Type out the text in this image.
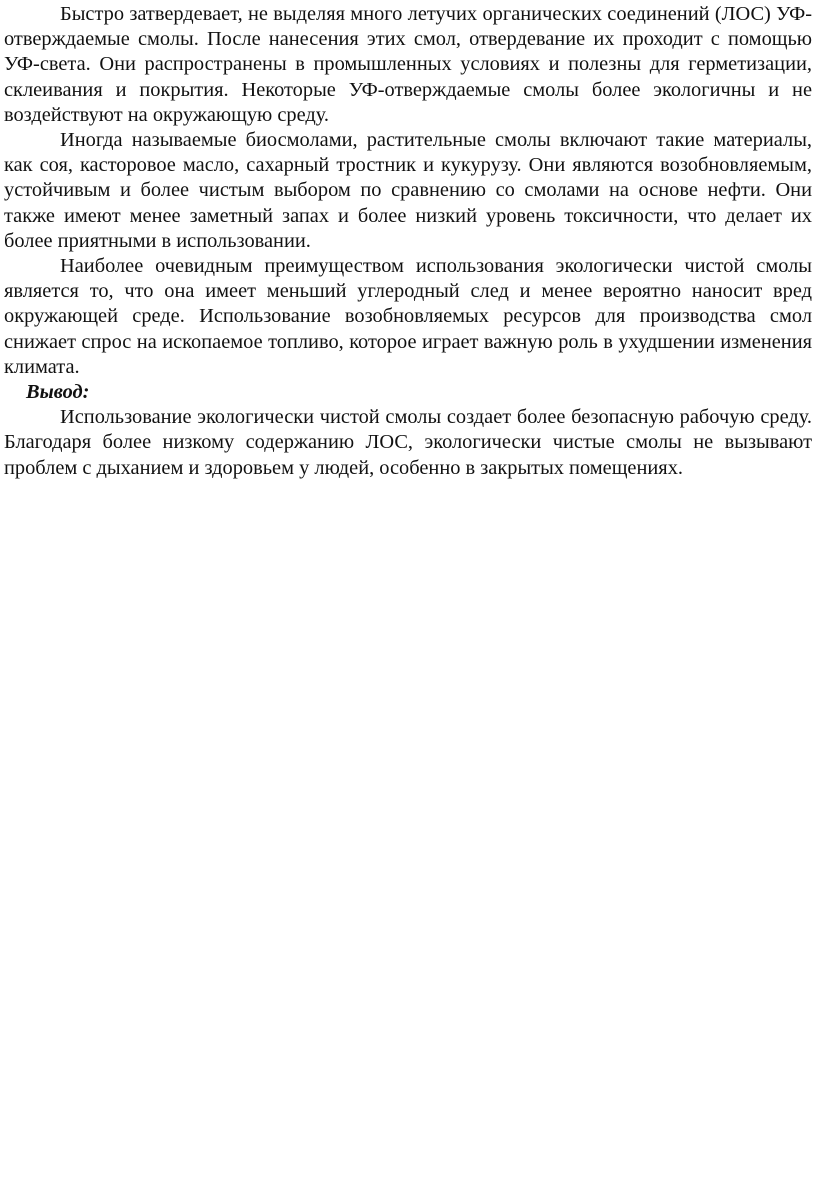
Быстро затвердевает, не выделяя много летучих органических соединений (ЛОС) УФ-отверждаемые смолы. После нанесения этих смол, отвердевание их проходит с помощью УФ-света. Они распространены в промышленных условиях и полезны для герметизации, склеивания и покрытия. Некоторые УФ-отверждаемые смолы более экологичны и не воздействуют на окружающую среду.

Иногда называемые биосмолами, растительные смолы включают такие материалы, как соя, касторовое масло, сахарный тростник и кукурузу. Они являются возобновляемым, устойчивым и более чистым выбором по сравнению со смолами на основе нефти. Они также имеют менее заметный запах и более низкий уровень токсичности, что делает их более приятными в использовании.

Наиболее очевидным преимуществом использования экологически чистой смолы является то, что она имеет меньший углеродный след и менее вероятно наносит вред окружающей среде. Использование возобновляемых ресурсов для производства смол снижает спрос на ископаемое топливо, которое играет важную роль в ухудшении изменения климата.

Вывод:

Использование экологически чистой смолы создает более безопасную рабочую среду. Благодаря более низкому содержанию ЛОС, экологически чистые смолы не вызывают проблем с дыханием и здоровьем у людей, особенно в закрытых помещениях.
